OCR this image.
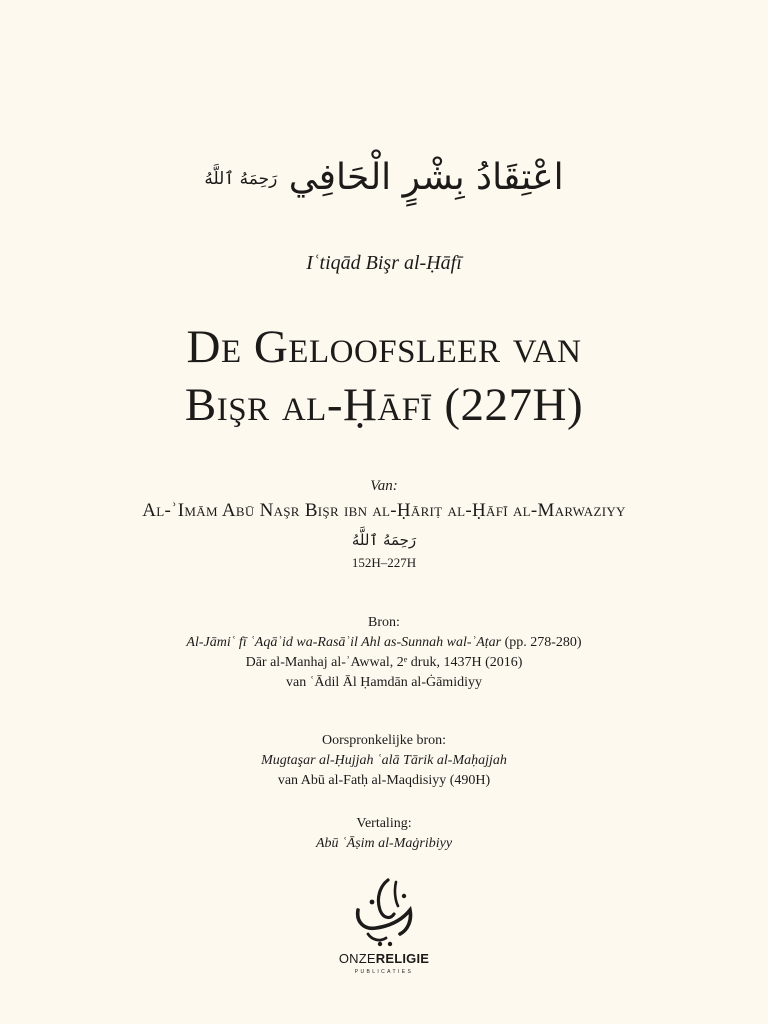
اعْتِقَادُ بِشْرٍ الْحَافِي رَحِمَهُ ٱللَّهُ
Iʿtiqād Bişr al-Ḥāfī
De Geloofsleer van
Bişr al-Ḥāfī (227H)
Van:
Al-ʾImām Abū Naşr Bişr ibn al-Ḥāriṭ al-Ḥāfī al-Marwaziyy
رَحِمَهُ ٱللَّهُ
152H–227H
Bron:
Al-Jāmiʿ fī ʿAqāʾid wa-Rasāʾil Ahl as-Sunnah wal-ʾAṭar (pp. 278-280)
Dār al-Manhaj al-ʾAwwal, 2ᵉ druk, 1437H (2016)
van ʿĀdil Āl Ḥamdān al-Ġāmidiyy
Oorspronkelijke bron:
Mugtaşar al-Ḥujjah ʿalā Tārik al-Maḥajjah
van Abū al-Fatḥ al-Maqdisiyy (490H)
Vertaling:
Abū ʿĀṣim al-Maġribiyy
ONZERELIGIE
PUBLICATIES
